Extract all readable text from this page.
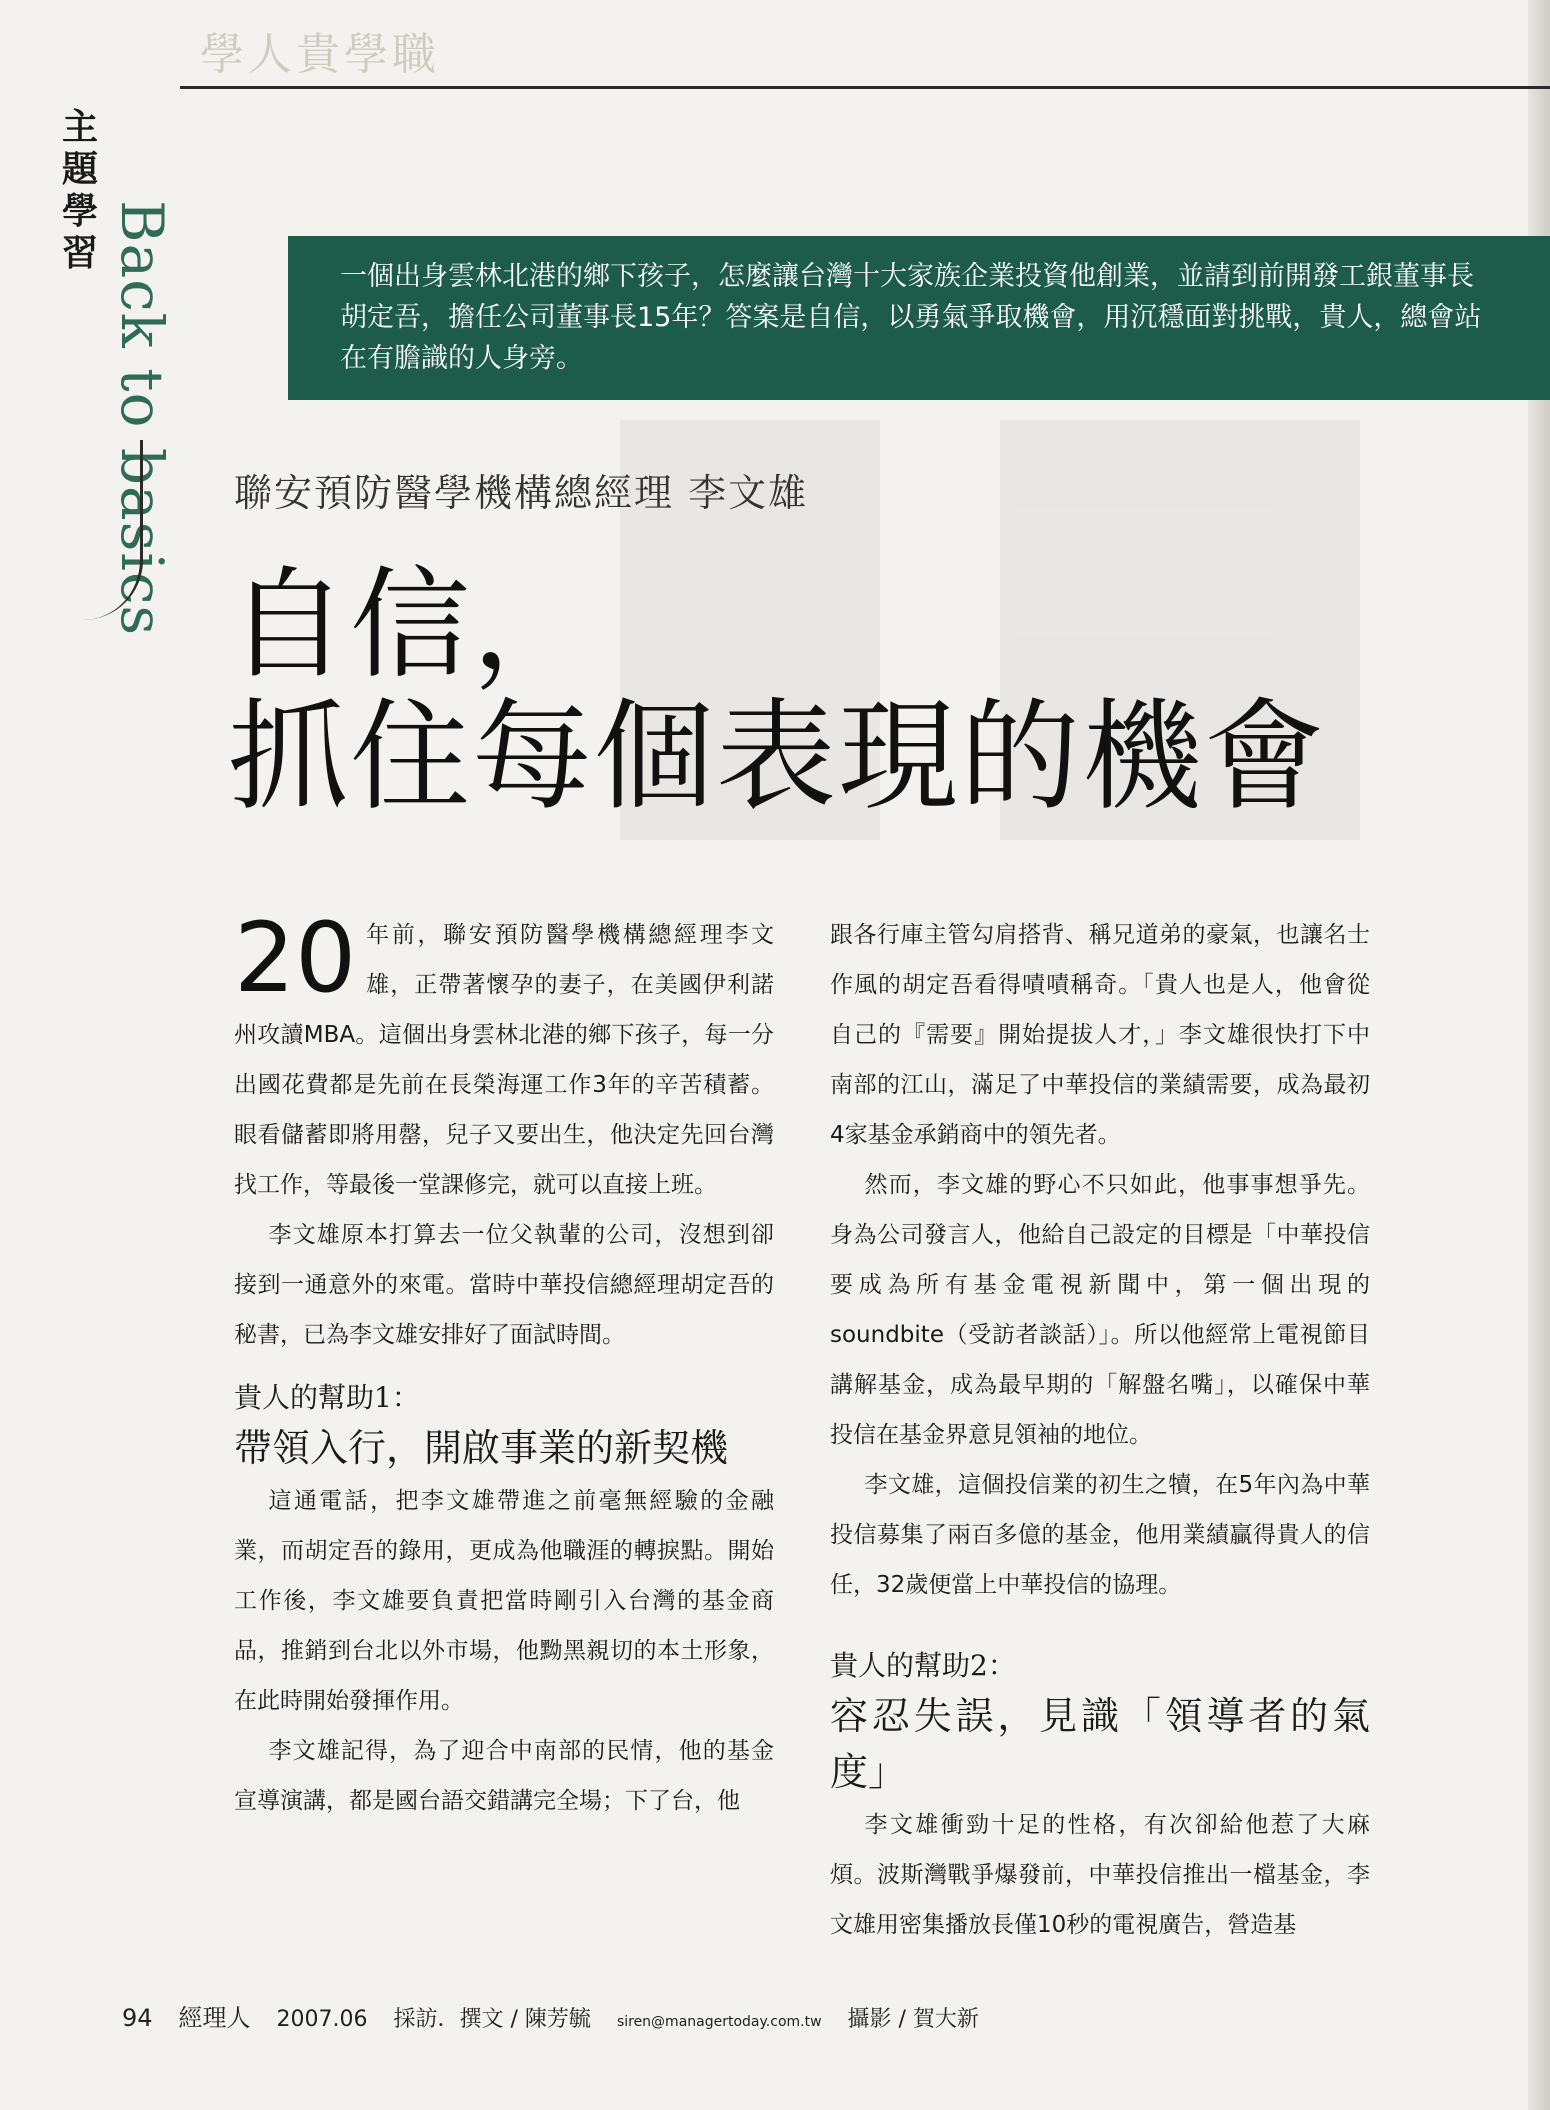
學人貴學職
主題學習 Back to basics	一個出身雲林北港的鄉下孩子，怎麼讓台灣十大家族企業投資他創業，並請到前開發工銀董事長胡定吾，擔任公司董事長15年？答案是自信，以勇氣爭取機會，用沉穩面對挑戰，貴人，總會站在有膽識的人身旁。
聯安預防醫學機構總經理 李文雄
自信，
抓住每個表現的機會

20 年前，聯安預防醫學機構總經理李文雄，正帶著懷孕的妻子，在美國伊利諾州攻讀MBA。這個出身雲林北港的鄉下孩子，每一分出國花費都是先前在長榮海運工作3年的辛苦積蓄。眼看儲蓄即將用罄，兒子又要出生，他決定先回台灣找工作，等最後一堂課修完，就可以直接上班。

李文雄原本打算去一位父執輩的公司，沒想到卻接到一通意外的來電。當時中華投信總經理胡定吾的秘書，已為李文雄安排好了面試時間。

貴人的幫助1：
帶領入行，開啟事業的新契機

這通電話，把李文雄帶進之前毫無經驗的金融業，而胡定吾的錄用，更成為他職涯的轉捩點。開始工作後，李文雄要負責把當時剛引入台灣的基金商品，推銷到台北以外市場，他黝黑親切的本土形象，在此時開始發揮作用。

李文雄記得，為了迎合中南部的民情，他的基金宣導演講，都是國台語交錯講完全場；下了台，他

跟各行庫主管勾肩搭背、稱兄道弟的豪氣，也讓名士作風的胡定吾看得嘖嘖稱奇。「貴人也是人，他會從自己的『需要』開始提拔人才，」李文雄很快打下中南部的江山，滿足了中華投信的業績需要，成為最初4家基金承銷商中的領先者。

然而，李文雄的野心不只如此，他事事想爭先。身為公司發言人，他給自己設定的目標是「中華投信要成為所有基金電視新聞中，第一個出現的soundbite（受訪者談話）」。所以他經常上電視節目講解基金，成為最早期的「解盤名嘴」，以確保中華投信在基金界意見領袖的地位。

李文雄，這個投信業的初生之犢，在5年內為中華投信募集了兩百多億的基金，他用業績贏得貴人的信任，32歲便當上中華投信的協理。

貴人的幫助2：
容忍失誤，見識「領導者的氣度」

李文雄衝勁十足的性格，有次卻給他惹了大麻煩。波斯灣戰爭爆發前，中華投信推出一檔基金，李文雄用密集播放長僅10秒的電視廣告，營造基

94 經理人 2007.06 採訪．撰文 / 陳芳毓 siren@managertoday.com.tw 攝影 / 賀大新
